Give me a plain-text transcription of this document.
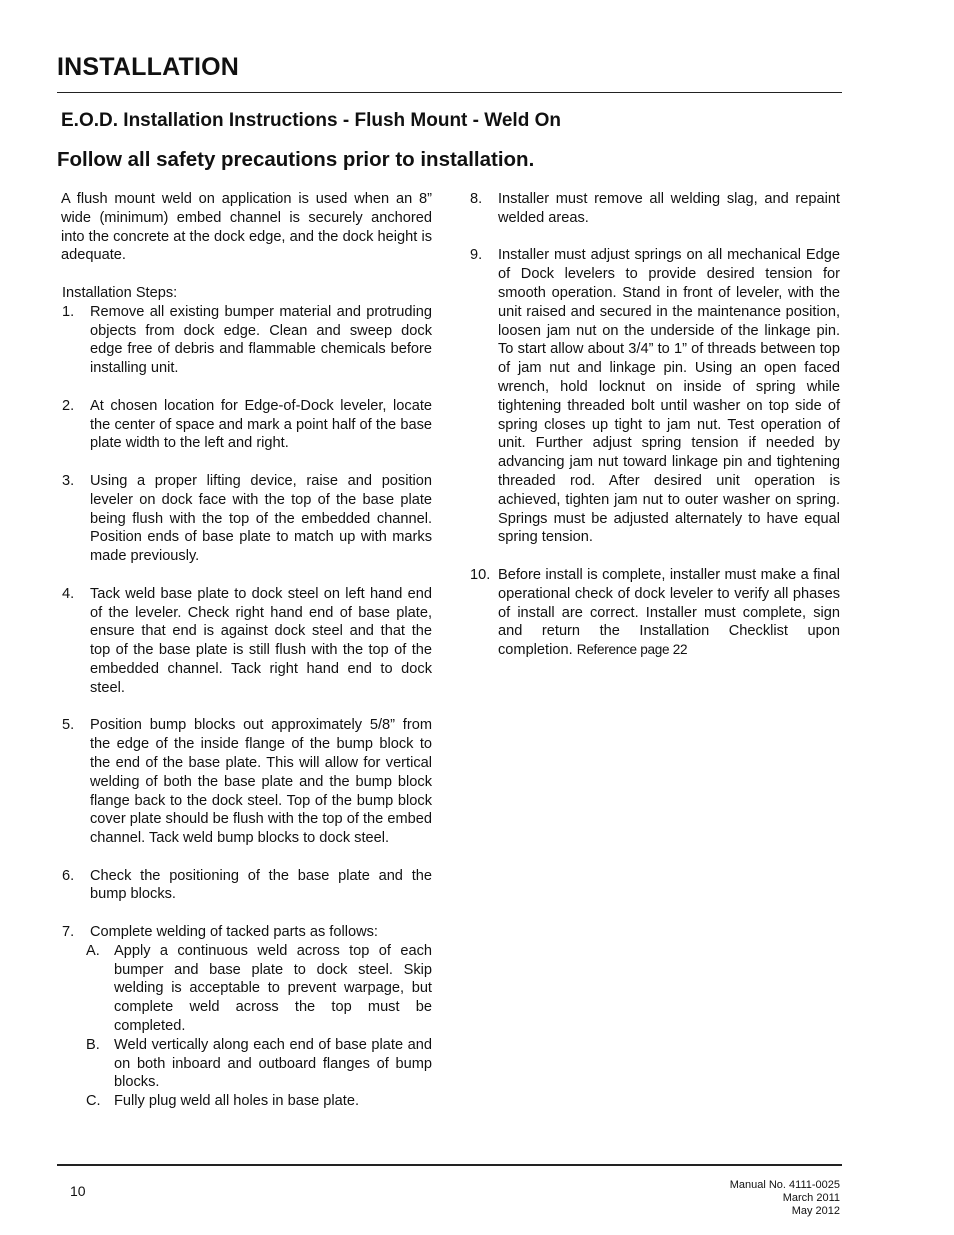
INSTALLATION
E.O.D. Installation Instructions - Flush Mount - Weld On
Follow all safety precautions prior to installation.

A flush mount weld on application is used when an 8” wide (minimum) embed channel is securely anchored into the concrete at the dock edge, and the dock height is adequate.

Installation Steps:

1. Remove all existing bumper material and protruding objects from dock edge. Clean and sweep dock edge free of debris and flammable chemicals before installing unit.
2. At chosen location for Edge-of-Dock leveler, locate the center of space and mark a point half of the base plate width to the left and right.
3. Using a proper lifting device, raise and position leveler on dock face with the top of the base plate being flush with the top of the embedded channel. Position ends of base plate to match up with marks made previously.
4. Tack weld base plate to dock steel on left hand end of the leveler. Check right hand end of base plate, ensure that end is against dock steel and that the top of the base plate is still flush with the top of the embedded channel. Tack right hand end to dock steel.
5. Position bump blocks out approximately 5/8” from the edge of the inside flange of the bump block to the end of the base plate. This will allow for vertical welding of both the base plate and the bump block flange back to the dock steel. Top of the bump block cover plate should be flush with the top of the embed channel. Tack weld bump blocks to dock steel.
6. Check the positioning of the base plate and the bump blocks.
7. Complete welding of tacked parts as follows:
A. Apply a continuous weld across top of each bumper and base plate to dock steel. Skip welding is acceptable to prevent warpage, but complete weld across the top must be completed.
B. Weld vertically along each end of base plate and on both inboard and outboard flanges of bump blocks.
C. Fully plug weld all holes in base plate.
8. Installer must remove all welding slag, and repaint welded areas.
9. Installer must adjust springs on all mechanical Edge of Dock levelers to provide desired tension for smooth operation. Stand in front of leveler, with the unit raised and secured in the maintenance position, loosen jam nut on the underside of the linkage pin. To start allow about 3/4” to 1” of threads between top of jam nut and linkage pin. Using an open faced wrench, hold locknut on inside of spring while tightening threaded bolt until washer on top side of spring closes up tight to jam nut. Test operation of unit. Further adjust spring tension if needed by advancing jam nut toward linkage pin and tightening threaded rod. After desired unit operation is achieved, tighten jam nut to outer washer on spring. Springs must be adjusted alternately to have equal spring tension.
10. Before install is complete, installer must make a final operational check of dock leveler to verify all phases of install are correct. Installer must complete, sign and return the Installation Checklist upon completion. Reference page 22
10	Manual No. 4111-0025
March 2011
May 2012
